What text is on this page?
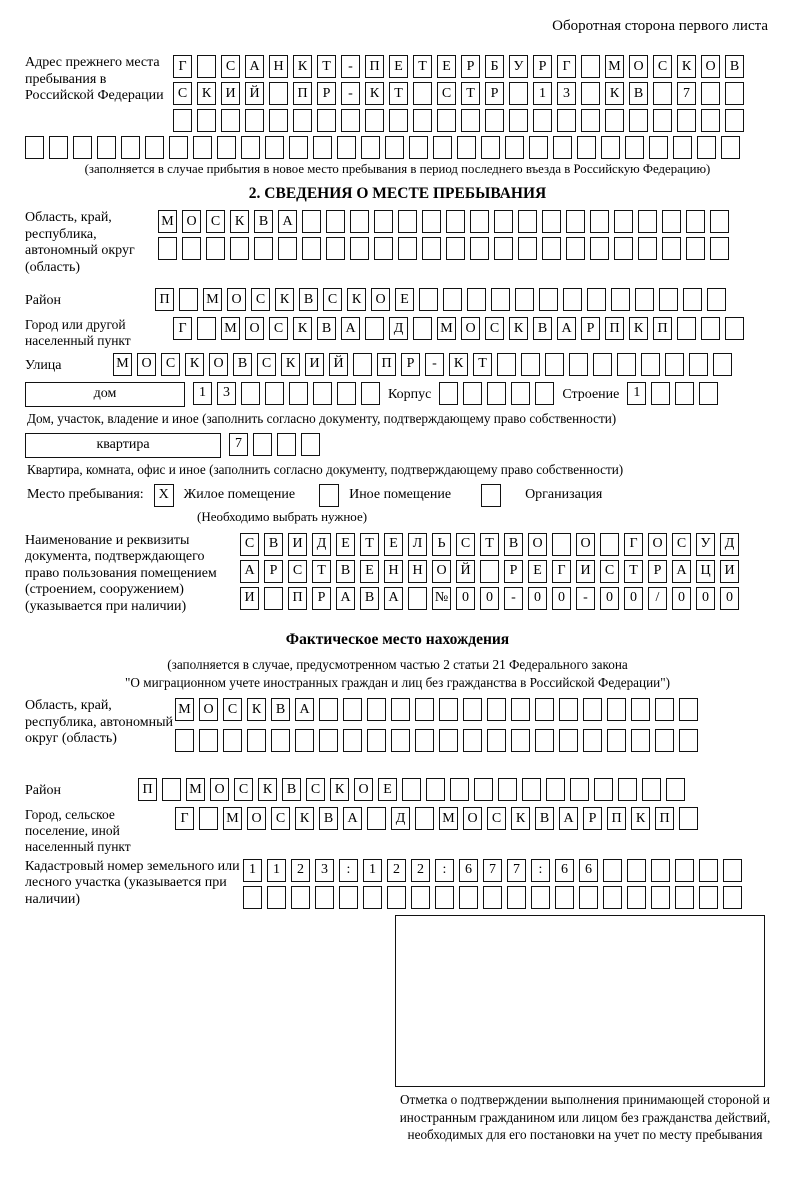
Оборотная сторона первого листа
Адрес прежнего места пребывания в Российской Федерации
Г	С	А Н	К	Т	-	П	Е	Т	Е	Р	Б	У	Р	Г	М О	С	К	О	В
С	К	И Й	П	Р	-	К	Т	С	Т	Р	1	3	К	В	7
(заполняется в случае прибытия в новое место пребывания в период последнего въезда в Российскую Федерацию)
2. СВЕДЕНИЯ О МЕСТЕ ПРЕБЫВАНИЯ
Область, край, республика, автономный округ (область)
М О	С	К	В	А
Район	П	М О	С	К	В	С	К	О	Е
Город или другой населенный пункт
Г	М О	С	К	В	А	Д	М О	С	К	В	А	Р	П	К	П
Улица	М О	С	К	О	В	С	К	И Й	П	Р	-	К	Т
дом	1	3	Корпус	Строение	1
Дом, участок, владение и иное (заполнить согласно документу, подтверждающему право собственности)
квартира	7
Квартира, комната, офис и иное (заполнить согласно документу, подтверждающему право собственности)
Место пребывания:	X	Жилое помещение	Иное помещение	Организация
(Необходимо выбрать нужное)
Наименование и реквизиты документа, подтверждающего право пользования помещением (строением, сооружением) (указывается при наличии)
С	В	И	Д	Е	Т	Е	Л	Ь	С	Т	В	О	О	Г	О	С	У	Д
А	Р	С	Т	В	Е	Н Н О Й	Р	Е	Г	И	С	Т	Р	А Ц И
И	П	Р	А	В	А	№ 0	0	-	0	0	-	0	0	/	0	0	0
Фактическое место нахождения
(заполняется в случае, предусмотренном частью 2 статьи 21 Федерального закона
"О миграционном учете иностранных граждан и лиц без гражданства в Российской Федерации")
Область, край, республика, автономный округ (область)
М О	С	К	В	А
Район	П	М О	С	К	В	С	К	О	Е
Город, сельское поселение, иной населенный пункт
Г	М О	С	К	В	А	Д	М О	С	К	В	А	Р	П	К	П
Кадастровый номер земельного или лесного участка (указывается при наличии)
1	1	2	3	:	1	2	2	:	6	7	7	:	6	6
Отметка о подтверждении выполнения принимающей стороной и иностранным гражданином или лицом без гражданства действий, необходимых для его постановки на учет по месту пребывания
